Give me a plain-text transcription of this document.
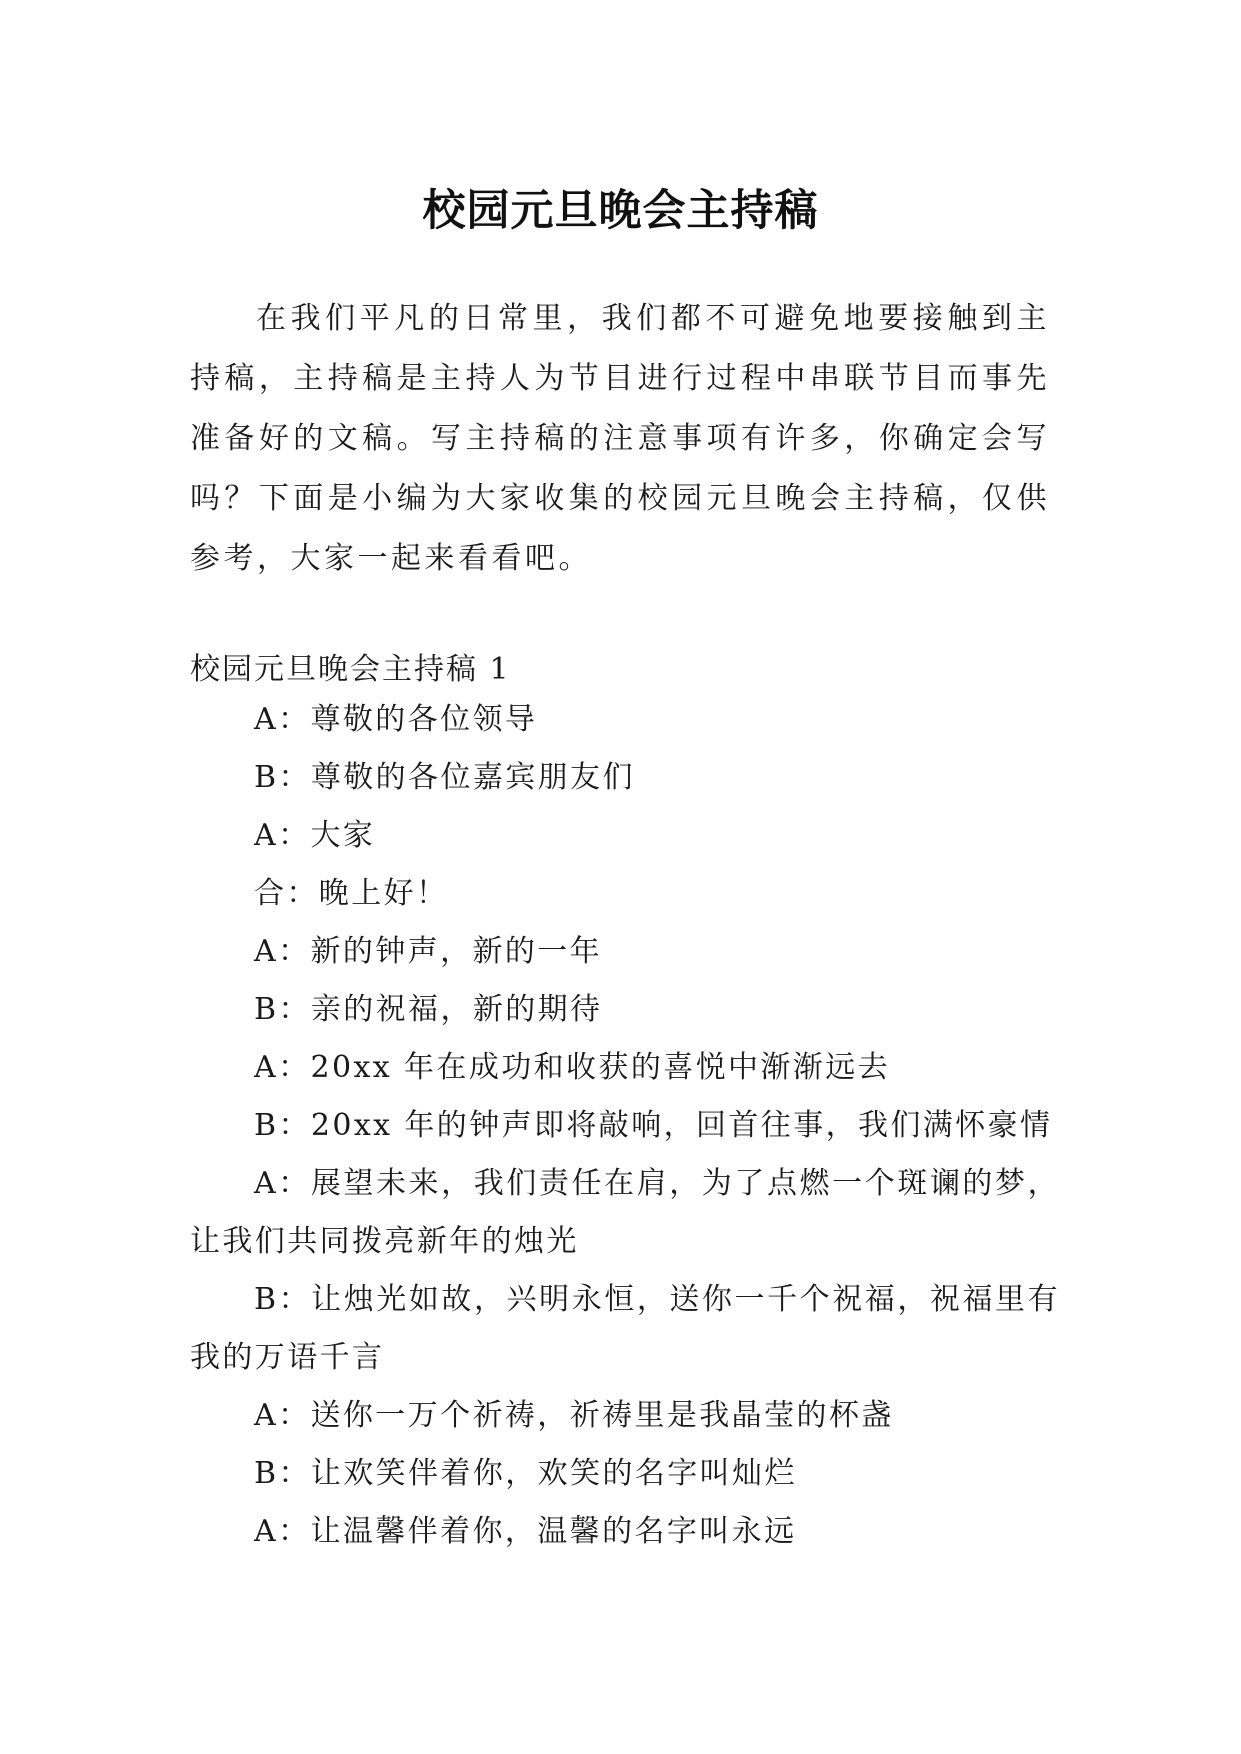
校园元旦晚会主持稿

在我们平凡的日常里，我们都不可避免地要接触到主持稿，主持稿是主持人为节目进行过程中串联节目而事先准备好的文稿。写主持稿的注意事项有许多，你确定会写吗？下面是小编为大家收集的校园元旦晚会主持稿，仅供参考，大家一起来看看吧。

校园元旦晚会主持稿 1

A：尊敬的各位领导
B：尊敬的各位嘉宾朋友们
A：大家
合：晚上好！
A：新的钟声，新的一年
B：亲的祝福，新的期待
A：20xx 年在成功和收获的喜悦中渐渐远去
B：20xx 年的钟声即将敲响，回首往事，我们满怀豪情
A：展望未来，我们责任在肩，为了点燃一个斑谰的梦，让我们共同拨亮新年的烛光
B：让烛光如故，兴明永恒，送你一千个祝福，祝福里有我的万语千言
A：送你一万个祈祷，祈祷里是我晶莹的杯盏
B：让欢笑伴着你，欢笑的名字叫灿烂
A：让温馨伴着你，温馨的名字叫永远
